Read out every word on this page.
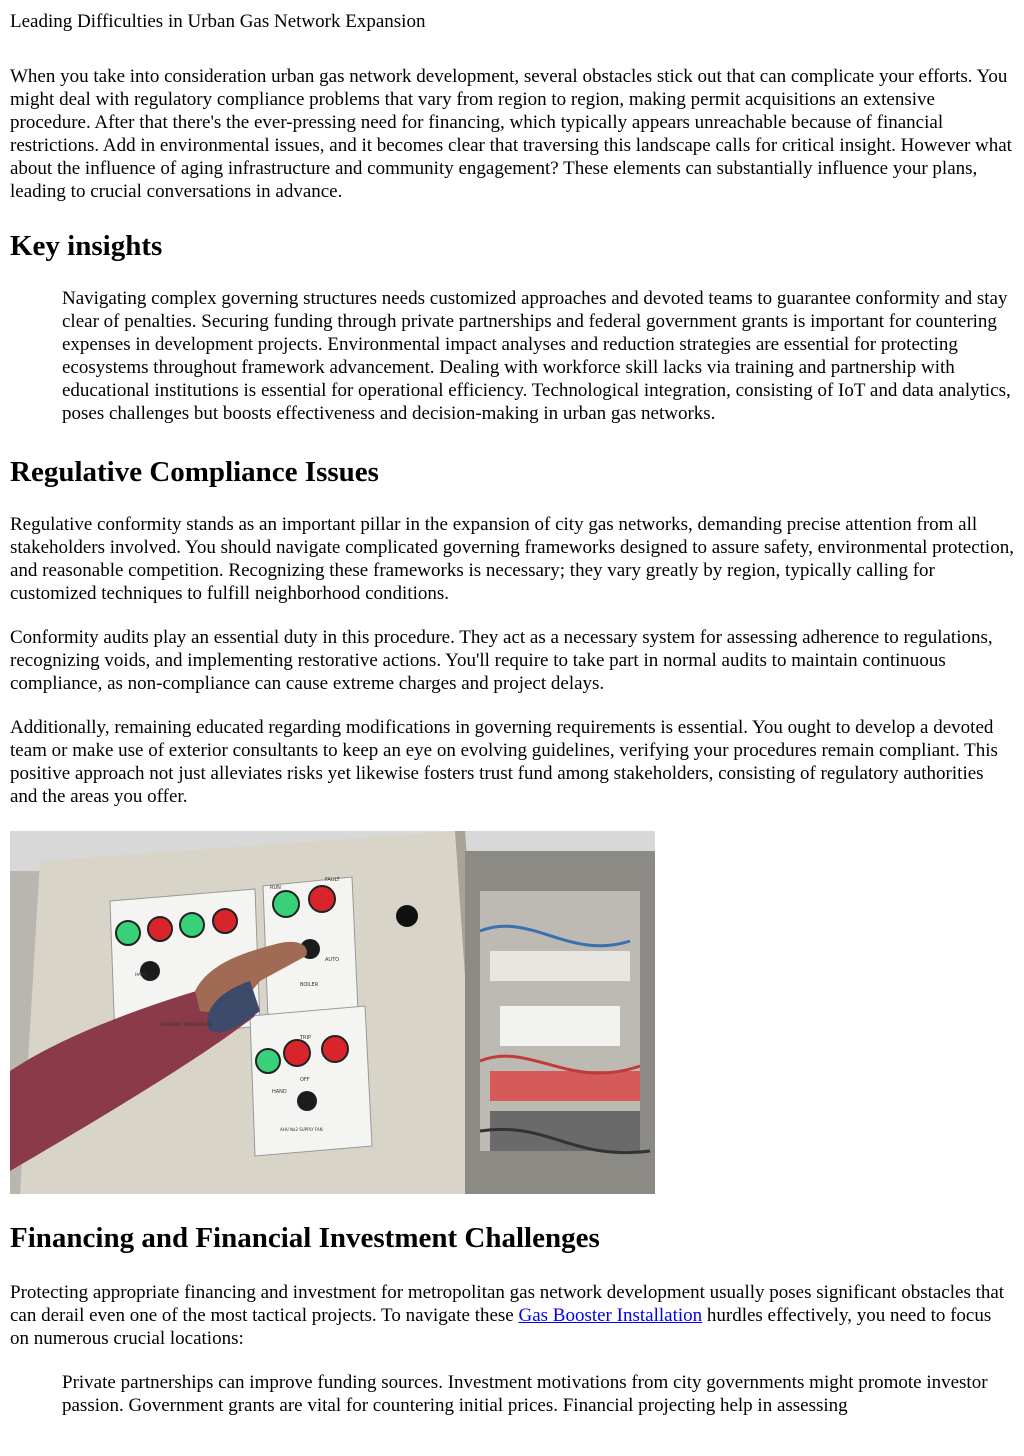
Leading Difficulties in Urban Gas Network Expansion

When you take into consideration urban gas network development, several obstacles stick out that can complicate your efforts. You might deal with regulatory compliance problems that vary from region to region, making permit acquisitions an extensive procedure. After that there's the ever-pressing need for financing, which typically appears unreachable because of financial restrictions. Add in environmental issues, and it becomes clear that traversing this landscape calls for critical insight. However what about the influence of aging infrastructure and community engagement? These elements can substantially influence your plans, leading to crucial conversations in advance.

Key insights
Navigating complex governing structures needs customized approaches and devoted teams to guarantee conformity and stay clear of penalties. Securing funding through private partnerships and federal government grants is important for countering expenses in development projects. Environmental impact analyses and reduction strategies are essential for protecting ecosystems throughout framework advancement. Dealing with workforce skill lacks via training and partnership with educational institutions is essential for operational efficiency. Technological integration, consisting of IoT and data analytics, poses challenges but boosts effectiveness and decision-making in urban gas networks.
Regulative Compliance Issues

Regulative conformity stands as an important pillar in the expansion of city gas networks, demanding precise attention from all stakeholders involved. You should navigate complicated governing frameworks designed to assure safety, environmental protection, and reasonable competition. Recognizing these frameworks is necessary; they vary greatly by region, typically calling for customized techniques to fulfill neighborhood conditions.

Conformity audits play an essential duty in this procedure. They act as a necessary system for assessing adherence to regulations, recognizing voids, and implementing restorative actions. You'll require to take part in normal audits to maintain continuous compliance, as non-compliance can cause extreme charges and project delays.

Additionally, remaining educated regarding modifications in governing requirements is essential. You ought to develop a devoted team or make use of exterior consultants to keep an eye on evolving guidelines, verifying your procedures remain compliant. This positive approach not just alleviates risks yet likewise fosters trust fund among stakeholders, consisting of regulatory authorities and the areas you offer.

RUN
FAULT
AUTO
BOILER
TRIP
HAND
OFF
AHU No2 SUPPLY FAN
CONSTANT TEMPERATURE
HAND
Financing and Financial Investment Challenges

Protecting appropriate financing and investment for metropolitan gas network development usually poses significant obstacles that can derail even one of the most tactical projects. To navigate these Gas Booster Installation hurdles effectively, you need to focus on numerous crucial locations:

Private partnerships can improve funding sources. Investment motivations from city governments might promote investor passion. Government grants are vital for countering initial prices. Financial projecting help in assessing
